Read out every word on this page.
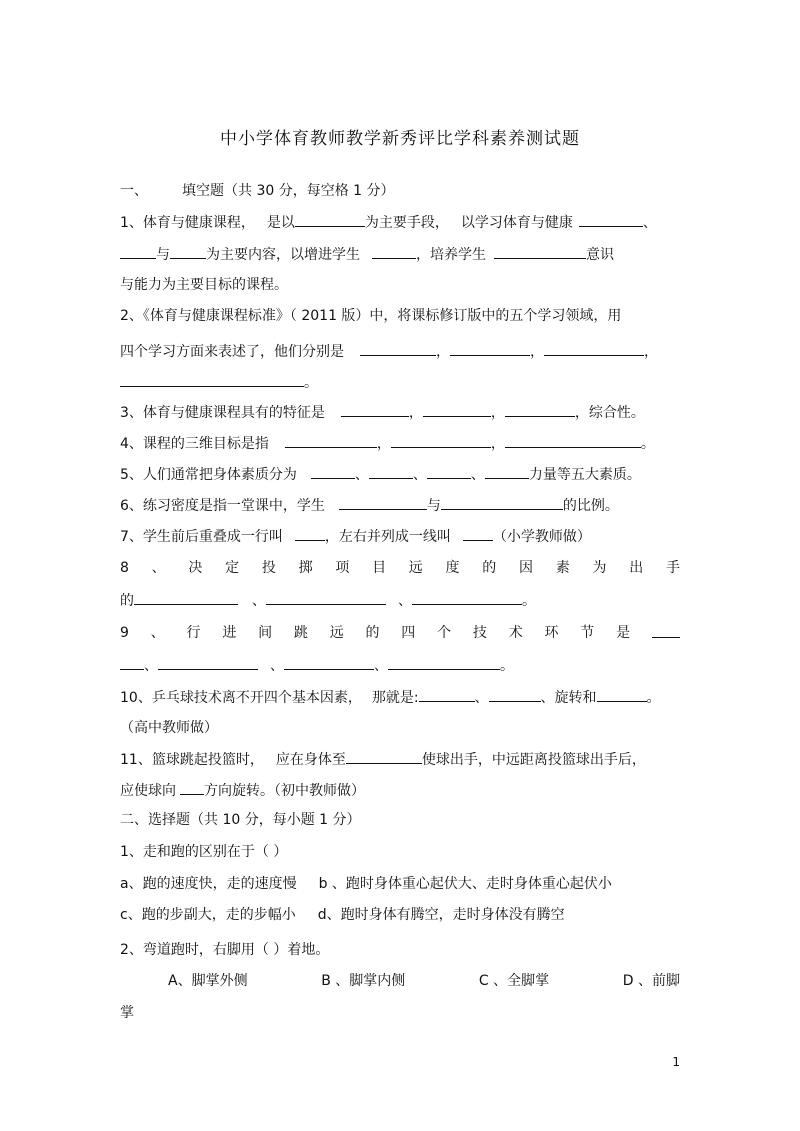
中小学体育教师教学新秀评比学科素养测试题
一、 填空题（共 30 分，每空格 1 分）
1、体育与健康课程， 是以	为主要手段， 以学习体育与健康	、
与	为主要内容，以增进学生	，培养学生	意识
与能力为主要目标的课程。
2、《体育与健康课程标准》（ 2011 版）中，将课标修订版中的五个学习领域，用
四个学习方面来表述了，他们分别是	，	，	，
。
3、体育与健康课程具有的特征是	，	，	，综合性。
4、课程的三维目标是指	，	，	。
5、人们通常把身体素质分为	、	、	、	力量等五大素质。
6、练习密度是指一堂课中，学生	与	的比例。
7、学生前后重叠成一行叫	，左右并列成一线叫	（小学教师做）
8 、 决 定 投 掷 项 目 远 度 的 因 素 为 出 手
的	、	、	。
9 、 行 进 间 跳 远 的 四 个 技 术 环 节 是
、	、	、	。
10、乒乓球技术离不开四个基本因素， 那就是:	、	、旋转和	。
（高中教师做）
11、篮球跳起投篮时， 应在身体至	使球出手，中远距离投篮球出手后，
应使球向 方向旋转。（初中教师做）
二、选择题（共 10 分，每小题 1 分）
1、走和跑的区别在于（ ）
a、跑的速度快，走的速度慢 b 、跑时身体重心起伏大、走时身体重心起伏小
c、跑的步副大，走的步幅小 d、跑时身体有腾空，走时身体没有腾空
2、弯道跑时，右脚用（ ）着地。
A、脚掌外侧	B 、脚掌内侧	C 、全脚掌	D 、前脚
掌
1
